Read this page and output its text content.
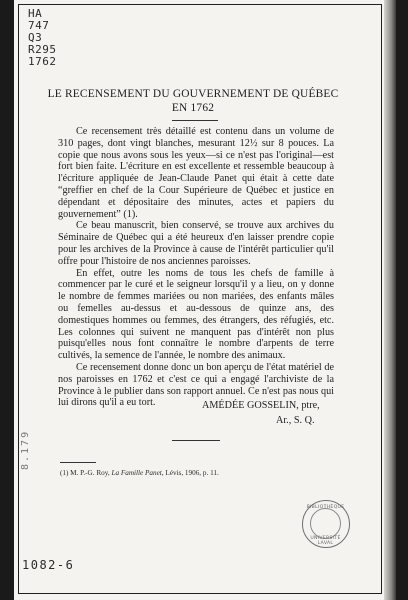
HA
747
Q3
R295
1762
8.179
LE RECENSEMENT DU GOUVERNEMENT DE QUÉBEC
EN 1762

Ce recensement très détaillé est contenu dans un volume de 310 pages, dont vingt blanches, mesurant 12½ sur 8 pouces. La copie que nous avons sous les yeux—si ce n'est pas l'original—est fort bien faite. L'écriture en est excellente et ressemble beaucoup à l'écriture appliquée de Jean-Claude Panet qui était à cette date “greffier en chef de la Cour Supérieure de Québec et justice en dépendant et dépositaire des minutes, actes et papiers du gouvernement” (1).

Ce beau manuscrit, bien conservé, se trouve aux archives du Séminaire de Québec qui a été heureux d'en laisser prendre copie pour les archives de la Province à cause de l'intérêt particulier qu'il offre pour l'histoire de nos anciennes paroisses.

En effet, outre les noms de tous les chefs de famille à commencer par le curé et le seigneur lorsqu'il y a lieu, on y donne le nombre de femmes mariées ou non mariées, des enfants mâles ou femelles au-dessus et au-dessous de quinze ans, des domestiques hommes ou femmes, des étrangers, des réfugiés, etc. Les colonnes qui suivent ne manquent pas d'intérêt non plus puisqu'elles nous font connaître le nombre d'arpents de terre cultivés, la semence de l'année, le nombre des animaux.

Ce recensement donne donc un bon aperçu de l'état matériel de nos paroisses en 1762 et c'est ce qui a engagé l'archiviste de la Province à le publier dans son rapport annuel. Ce n'est pas nous qui lui dirons qu'il a eu tort.	AMÉDÉE GOSSELIN, ptre,
Ar., S. Q.
(1) M. P.-G. Roy, La Famille Panet, Lévis, 1906, p. 11.
BIBLIOTHÈQUE
UNIVERSITÉ LAVAL
1082-6
